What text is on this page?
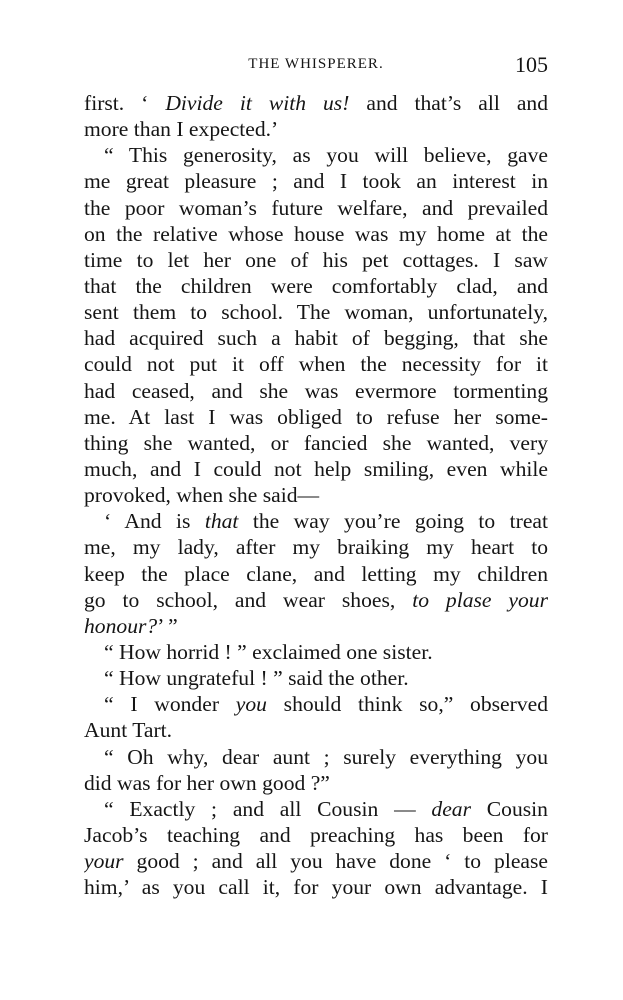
THE WHISPERER.	105
first. ‘ Divide it with us! and that’s all and
more than I expected.’
“ This generosity, as you will believe, gave
me great pleasure ; and I took an interest in
the poor woman’s future welfare, and prevailed
on the relative whose house was my home at the
time to let her one of his pet cottages. I saw
that the children were comfortably clad, and
sent them to school. The woman, unfortunately,
had acquired such a habit of begging, that she
could not put it off when the necessity for it
had ceased, and she was evermore tormenting
me. At last I was obliged to refuse her some-
thing she wanted, or fancied she wanted, very
much, and I could not help smiling, even while
provoked, when she said—
‘ And is that the way you’re going to treat
me, my lady, after my braiking my heart to
keep the place clane, and letting my children
go to school, and wear shoes, to plase your
honour?’ ”
“ How horrid ! ” exclaimed one sister.
“ How ungrateful ! ” said the other.
“ I wonder you should think so,” observed
Aunt Tart.
“ Oh why, dear aunt ; surely everything you
did was for her own good ?”
“ Exactly ; and all Cousin — dear Cousin
Jacob’s teaching and preaching has been for
your good ; and all you have done ‘ to please
him,’ as you call it, for your own advantage. I
